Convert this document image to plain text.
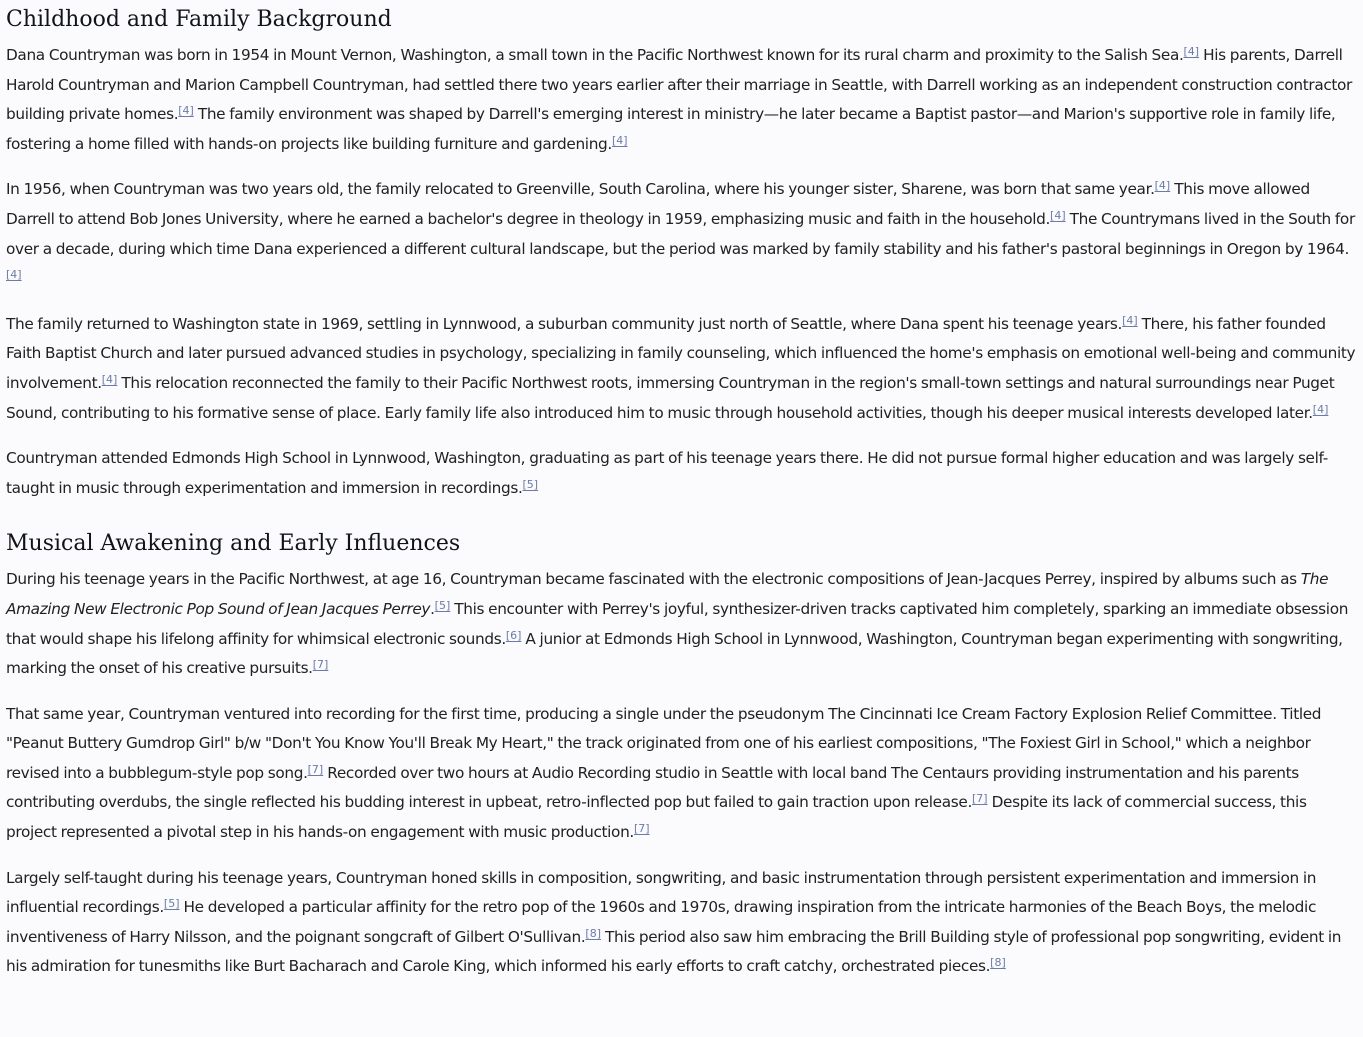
Childhood and Family Background

Dana Countryman was born in 1954 in Mount Vernon, Washington, a small town in the Pacific Northwest known for its rural charm and proximity to the Salish Sea.[4] His parents, Darrell Harold Countryman and Marion Campbell Countryman, had settled there two years earlier after their marriage in Seattle, with Darrell working as an independent construction contractor building private homes.[4] The family environment was shaped by Darrell's emerging interest in ministry—he later became a Baptist pastor—and Marion's supportive role in family life, fostering a home filled with hands-on projects like building furniture and gardening.[4]

In 1956, when Countryman was two years old, the family relocated to Greenville, South Carolina, where his younger sister, Sharene, was born that same year.[4] This move allowed Darrell to attend Bob Jones University, where he earned a bachelor's degree in theology in 1959, emphasizing music and faith in the household.[4] The Countrymans lived in the South for over a decade, during which time Dana experienced a different cultural landscape, but the period was marked by family stability and his father's pastoral beginnings in Oregon by 1964.[4]

The family returned to Washington state in 1969, settling in Lynnwood, a suburban community just north of Seattle, where Dana spent his teenage years.[4] There, his father founded Faith Baptist Church and later pursued advanced studies in psychology, specializing in family counseling, which influenced the home's emphasis on emotional well-being and community involvement.[4] This relocation reconnected the family to their Pacific Northwest roots, immersing Countryman in the region's small-town settings and natural surroundings near Puget Sound, contributing to his formative sense of place. Early family life also introduced him to music through household activities, though his deeper musical interests developed later.[4]

Countryman attended Edmonds High School in Lynnwood, Washington, graduating as part of his teenage years there. He did not pursue formal higher education and was largely self-taught in music through experimentation and immersion in recordings.[5]

Musical Awakening and Early Influences

During his teenage years in the Pacific Northwest, at age 16, Countryman became fascinated with the electronic compositions of Jean-Jacques Perrey, inspired by albums such as The Amazing New Electronic Pop Sound of Jean Jacques Perrey.[5] This encounter with Perrey's joyful, synthesizer-driven tracks captivated him completely, sparking an immediate obsession that would shape his lifelong affinity for whimsical electronic sounds.[6] A junior at Edmonds High School in Lynnwood, Washington, Countryman began experimenting with songwriting, marking the onset of his creative pursuits.[7]

That same year, Countryman ventured into recording for the first time, producing a single under the pseudonym The Cincinnati Ice Cream Factory Explosion Relief Committee. Titled "Peanut Buttery Gumdrop Girl" b/w "Don't You Know You'll Break My Heart," the track originated from one of his earliest compositions, "The Foxiest Girl in School," which a neighbor revised into a bubblegum-style pop song.[7] Recorded over two hours at Audio Recording studio in Seattle with local band The Centaurs providing instrumentation and his parents contributing overdubs, the single reflected his budding interest in upbeat, retro-inflected pop but failed to gain traction upon release.[7] Despite its lack of commercial success, this project represented a pivotal step in his hands-on engagement with music production.[7]

Largely self-taught during his teenage years, Countryman honed skills in composition, songwriting, and basic instrumentation through persistent experimentation and immersion in influential recordings.[5] He developed a particular affinity for the retro pop of the 1960s and 1970s, drawing inspiration from the intricate harmonies of the Beach Boys, the melodic inventiveness of Harry Nilsson, and the poignant songcraft of Gilbert O'Sullivan.[8] This period also saw him embracing the Brill Building style of professional pop songwriting, evident in his admiration for tunesmiths like Burt Bacharach and Carole King, which informed his early efforts to craft catchy, orchestrated pieces.[8]
